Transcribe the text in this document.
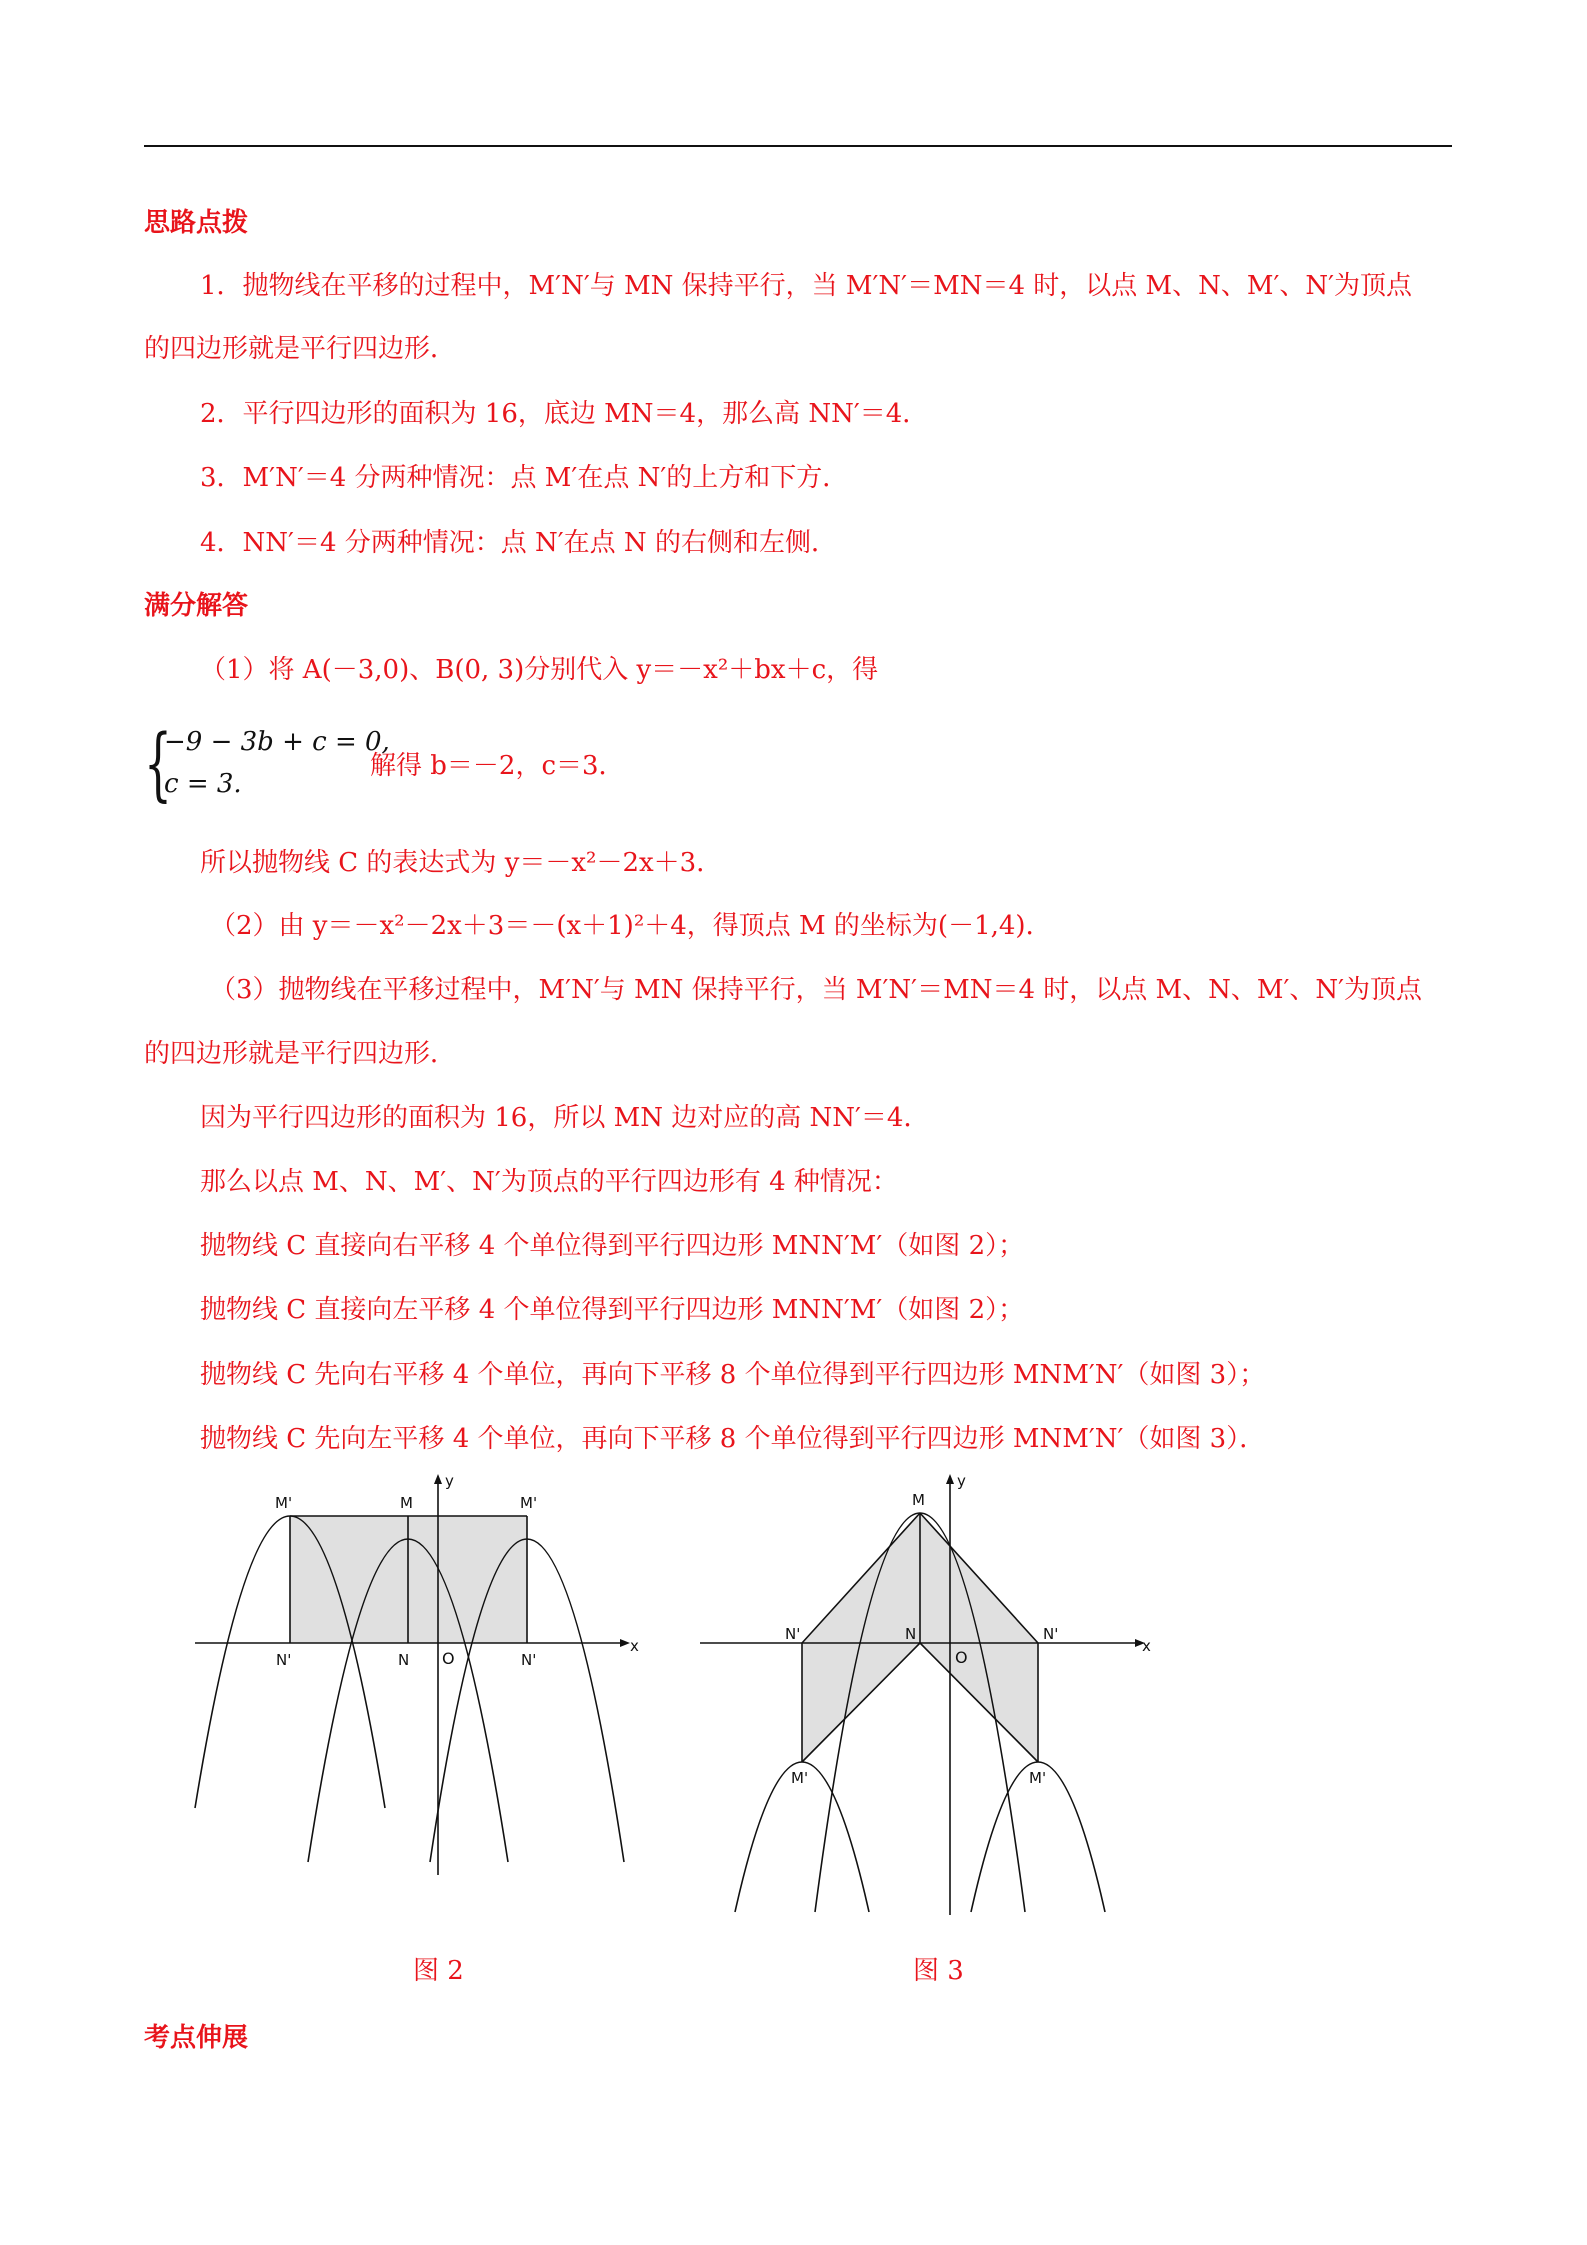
思路点拨
1．抛物线在平移的过程中，M′N′与 MN 保持平行，当 M′N′＝MN＝4 时，以点 M、N、M′、N′为顶点
的四边形就是平行四边形．
2．平行四边形的面积为 16，底边 MN＝4，那么高 NN′＝4．
3．M′N′＝4 分两种情况：点 M′在点 N′的上方和下方．
4．NN′＝4 分两种情况：点 N′在点 N 的右侧和左侧．
满分解答
（1）将 A(－3,0)、B(0, 3)分别代入 y＝－x²＋bx＋c，得
{
−9 − 3b + c = 0,
c = 3.
解得 b＝－2，c＝3．
所以抛物线 C 的表达式为 y＝－x²－2x＋3．
（2）由 y＝－x²－2x＋3＝－(x＋1)²＋4，得顶点 M 的坐标为(－1,4)．
（3）抛物线在平移过程中，M′N′与 MN 保持平行，当 M′N′＝MN＝4 时，以点 M、N、M′、N′为顶点
的四边形就是平行四边形．
因为平行四边形的面积为 16，所以 MN 边对应的高 NN′＝4．
那么以点 M、N、M′、N′为顶点的平行四边形有 4 种情况：
抛物线 C 直接向右平移 4 个单位得到平行四边形 MNN′M′（如图 2）；
抛物线 C 直接向左平移 4 个单位得到平行四边形 MNN′M′（如图 2）；
抛物线 C 先向右平移 4 个单位，再向下平移 8 个单位得到平行四边形 MNM′N′（如图 3）；
抛物线 C 先向左平移 4 个单位，再向下平移 8 个单位得到平行四边形 MNM′N′（如图 3）．
M'	M	M'
N'	N O	N'
x
y
图 2
M
N'	N
O
N'
M'	M'
x
y
图 3
考点伸展
